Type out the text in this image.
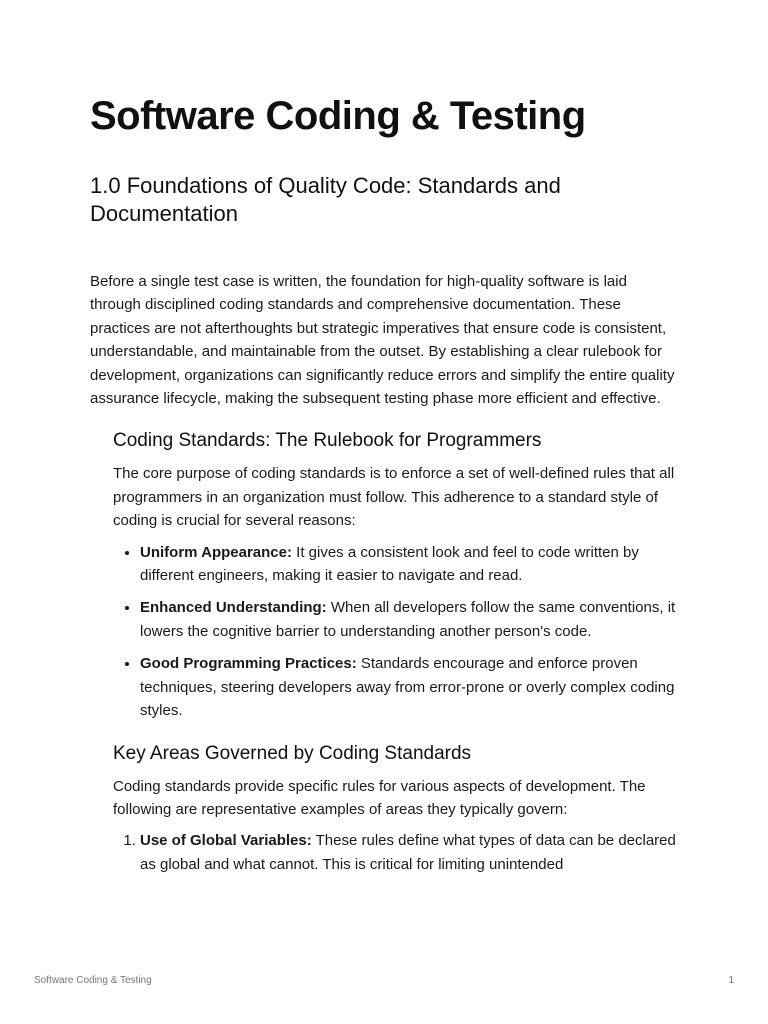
Software Coding & Testing
1.0 Foundations of Quality Code: Standards and Documentation

Before a single test case is written, the foundation for high-quality software is laid through disciplined coding standards and comprehensive documentation. These practices are not afterthoughts but strategic imperatives that ensure code is consistent, understandable, and maintainable from the outset. By establishing a clear rulebook for development, organizations can significantly reduce errors and simplify the entire quality assurance lifecycle, making the subsequent testing phase more efficient and effective.

Coding Standards: The Rulebook for Programmers

The core purpose of coding standards is to enforce a set of well-defined rules that all programmers in an organization must follow. This adherence to a standard style of coding is crucial for several reasons:

• Uniform Appearance: It gives a consistent look and feel to code written by different engineers, making it easier to navigate and read.
• Enhanced Understanding: When all developers follow the same conventions, it lowers the cognitive barrier to understanding another person's code.
• Good Programming Practices: Standards encourage and enforce proven techniques, steering developers away from error-prone or overly complex coding styles.
Key Areas Governed by Coding Standards

Coding standards provide specific rules for various aspects of development. The following are representative examples of areas they typically govern:

1. Use of Global Variables: These rules define what types of data can be declared as global and what cannot. This is critical for limiting unintended
Software Coding & Testing	1
